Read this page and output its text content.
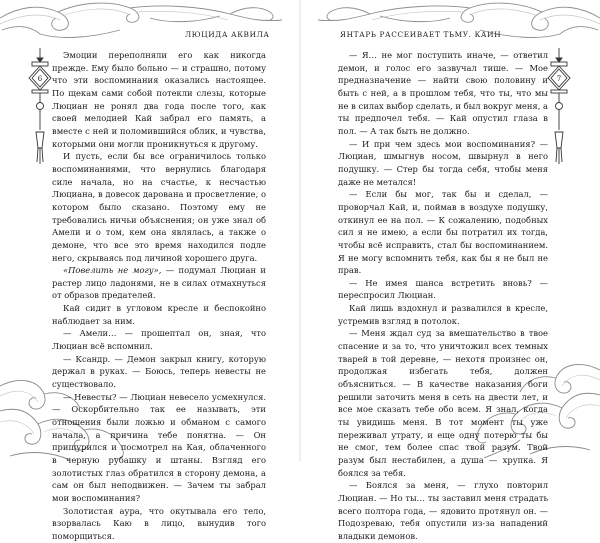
6
ЛЮЦИДА АКВИЛА

Эмоции переполняли его как никогда прежде. Ему было больно — и страшно, потому что эти воспоминания оказались настоящее. По щекам сами собой потекли слезы, которые Люциан не ронял два года после того, как своей мелодией Кай забрал его память, а вместе с ней и поломившийся облик, и чувства, которыми они могли проникнуться к другому.

И пусть, если бы все ограничилось только воспоминаниями, что вернулись благодаря силе начала, но на счастье, к несчастью Люциана, в довесок дарована и просветление, о котором было сказано. Поэтому ему не требовались ничьи объяснения; он уже знал об Амели и о том, кем она являлась, а также о демоне, что все это время находился подле него, скрываясь под личиной хорошего друга.

«Повелить не могу», — подумал Люциан и растер лицо ладонями, не в силах отмахнуться от образов предателей.

Кай сидит в угловом кресле и беспокойно наблюдает за ним.

— Амели… — прошептал он, зная, что Люциан всё вспомнил.

— Ксандр. — Демон закрыл книгу, которую держал в руках. — Боюсь, теперь невесты не существовало.

— Невесты? — Люциан невесело усмехнулся. — Оскорбительно так ее называть, эти отношения были ложью и обманом с самого начала, а причина тебе понятна. — Он прищурился и посмотрел на Кая, облаченного в черную рубашку и штаны. Взгляд его золотистых глаз обратился в сторону демона, а сам он был неподвижен. — Зачем ты забрал мои воспоминания?

Золотистая аура, что окутывала его тело, взорвалась Каю в лицо, вынудив того поморщиться.

7
ЯНТАРЬ РАССЕИВАЕТ ТЬМУ. КАИН

— Я… не мог поступить иначе, — ответил демон, и голос его зазвучал тише. — Мое предназначение — найти свою половину и быть с ней, а в прошлом тебя, что ты, что мы не в силах выбор сделать, и был вокруг меня, а ты предпочел тебя. — Кай опустил глаза в пол. — А так быть не должно.

— И при чем здесь мои воспоминания? — Люциан, шмыгнув носом, швырнул в него подушку. — Стер бы тогда себя, чтобы меня даже не метался!

— Если бы мог, так бы и сделал, — проворчал Кай, и, поймав в воздухе подушку, откинул ее на пол. — К сожалению, подобных сил я не имею, а если бы потратил их тогда, чтобы всё исправить, стал бы воспоминанием. Я не могу вспомнить тебя, как бы я не был не прав.

— Не имея шанса встретить вновь? — переспросил Люциан.

Кай лишь вздохнул и развалился в кресле, устремив взгляд в потолок.

— Меня ждал суд за вмешательство в твое спасение и за то, что уничтожил всех темных тварей в той деревне, — нехотя произнес он, продолжая избегать тебя, должен объясниться. — В качестве наказания боги решили заточить меня в сеть на двести лет, и все мое сказать тебе обо всем. Я знал, когда ты увидишь меня. В тот момент ты уже переживал утрату, и еще одну потерю ты бы не смог, тем более спас твой разум. Твой разум был нестабилен, а душа — хрупка. Я боялся за тебя.

— Боялся за меня, — глухо повторил Люциан. — Но ты… ты заставил меня страдать всего полтора года, — ядовито протянул он. — Подозреваю, тебя опустили из-за нападений владыки демонов.
